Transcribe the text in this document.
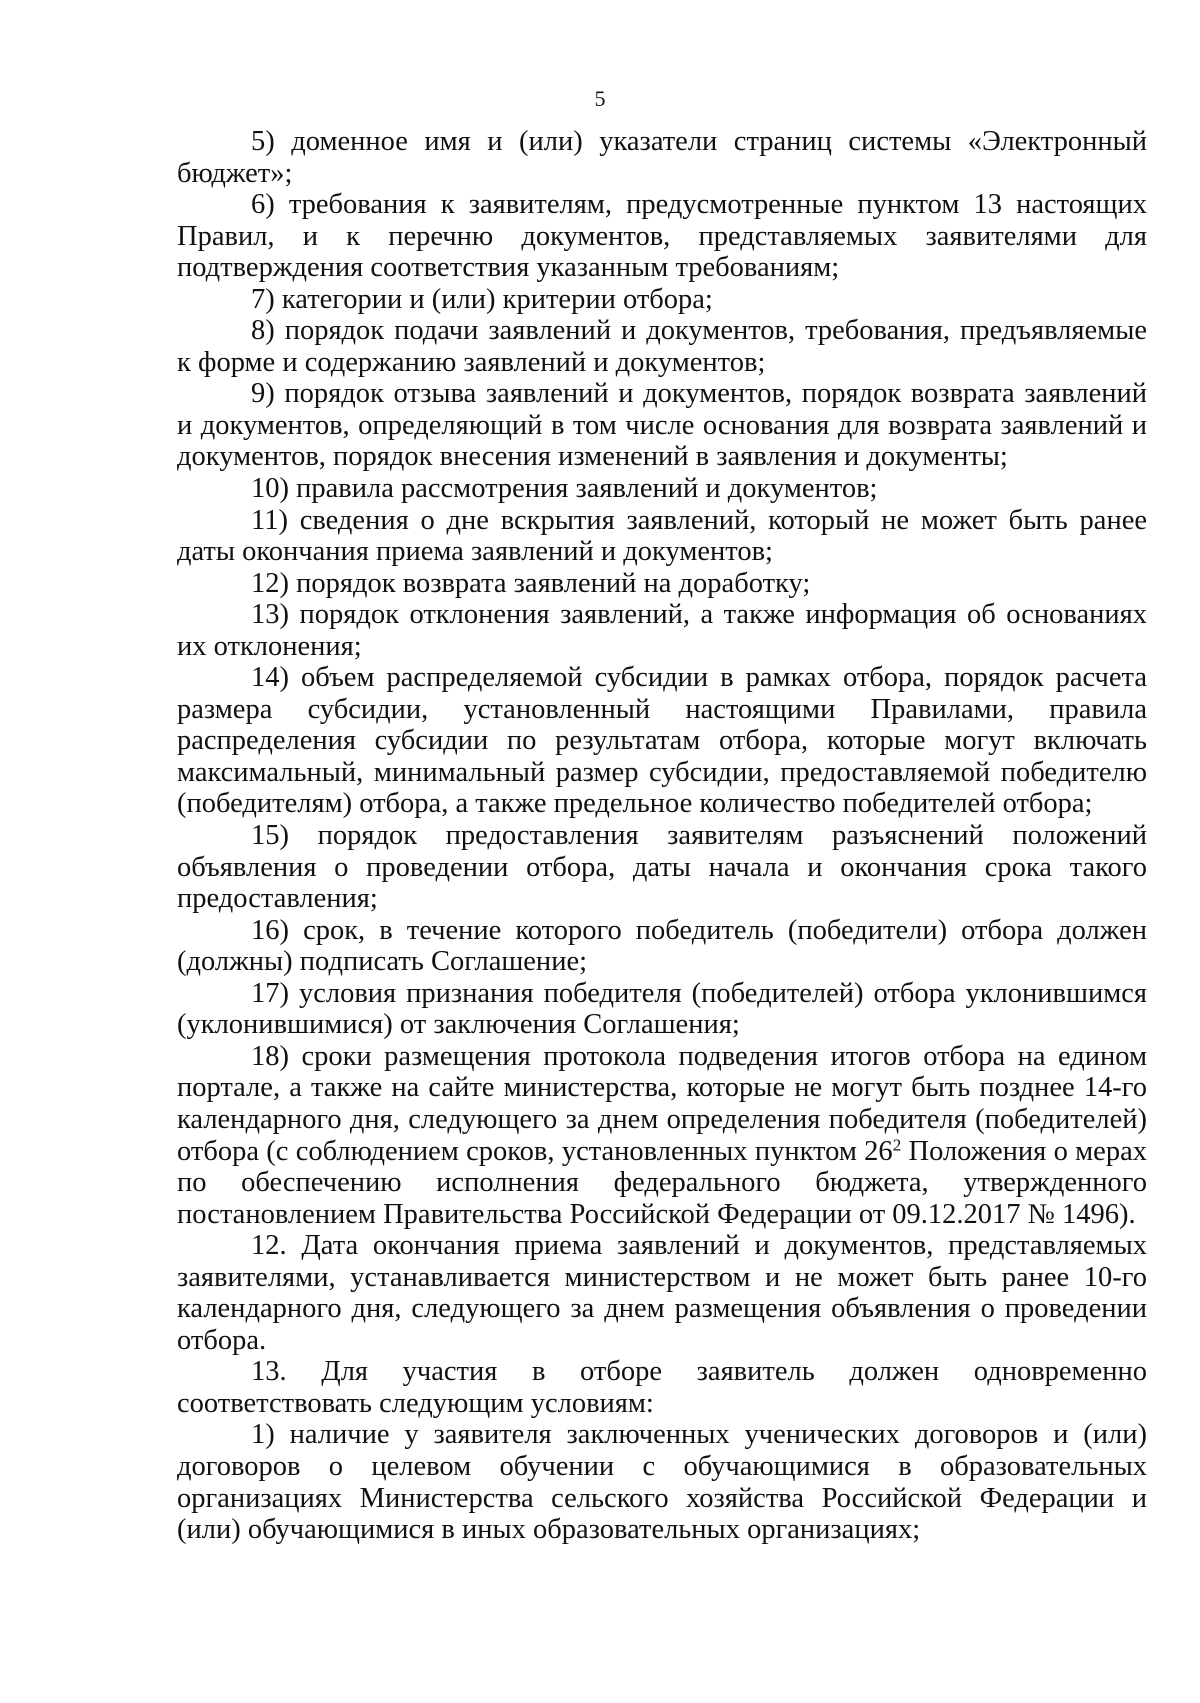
5

5) доменное имя и (или) указатели страниц системы «Электронный бюджет»;

6) требования к заявителям, предусмотренные пунктом 13 настоящих Правил, и к перечню документов, представляемых заявителями для подтверждения соответствия указанным требованиям;

7) категории и (или) критерии отбора;

8) порядок подачи заявлений и документов, требования, предъявляемые к форме и содержанию заявлений и документов;

9) порядок отзыва заявлений и документов, порядок возврата заявлений и документов, определяющий в том числе основания для возврата заявлений и документов, порядок внесения изменений в заявления и документы;

10) правила рассмотрения заявлений и документов;

11) сведения о дне вскрытия заявлений, который не может быть ранее даты окончания приема заявлений и документов;

12) порядок возврата заявлений на доработку;

13) порядок отклонения заявлений, а также информация об основаниях их отклонения;

14) объем распределяемой субсидии в рамках отбора, порядок расчета размера субсидии, установленный настоящими Правилами, правила распределения субсидии по результатам отбора, которые могут включать максимальный, минимальный размер субсидии, предоставляемой победителю (победителям) отбора, а также предельное количество победителей отбора;

15) порядок предоставления заявителям разъяснений положений объявления о проведении отбора, даты начала и окончания срока такого предоставления;

16) срок, в течение которого победитель (победители) отбора должен (должны) подписать Соглашение;

17) условия признания победителя (победителей) отбора уклонившимся (уклонившимися) от заключения Соглашения;

18) сроки размещения протокола подведения итогов отбора на едином портале, а также на сайте министерства, которые не могут быть позднее 14-го календарного дня, следующего за днем определения победителя (победителей) отбора (с соблюдением сроков, установленных пунктом $26^2$ Положения о мерах по обеспечению исполнения федерального бюджета, утвержденного постановлением Правительства Российской Федерации от 09.12.2017 № 1496).

12. Дата окончания приема заявлений и документов, представляемых заявителями, устанавливается министерством и не может быть ранее 10-го календарного дня, следующего за днем размещения объявления о проведении отбора.

13. Для участия в отборе заявитель должен одновременно соответствовать следующим условиям:

1) наличие у заявителя заключенных ученических договоров и (или) договоров о целевом обучении с обучающимися в образовательных организациях Министерства сельского хозяйства Российской Федерации и (или) обучающимися в иных образовательных организациях;
